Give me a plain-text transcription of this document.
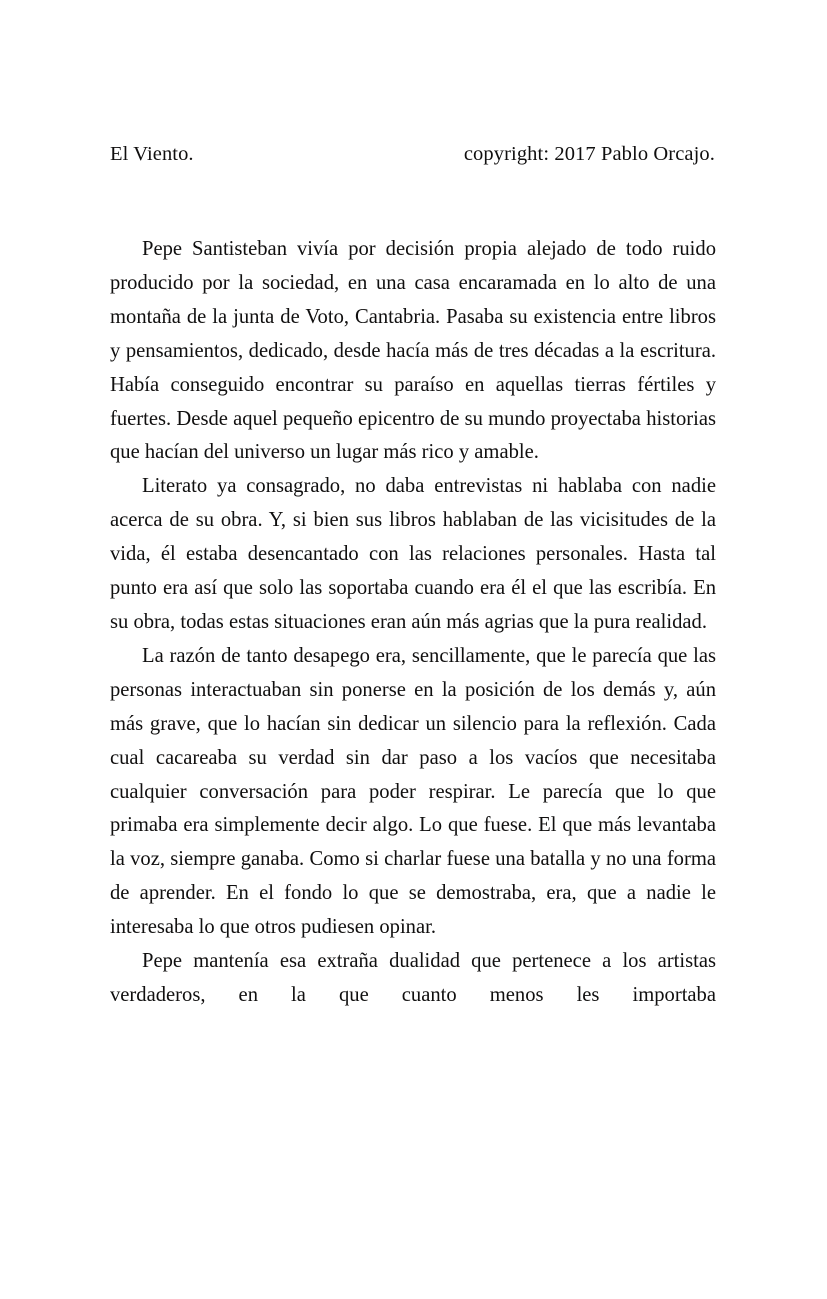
El Viento.	copyright: 2017 Pablo Orcajo.

Pepe Santisteban vivía por decisión propia alejado de todo ruido producido por la sociedad, en una casa encaramada en lo alto de una montaña de la junta de Voto, Cantabria. Pasaba su existencia entre libros y pensamientos, dedicado, desde hacía más de tres décadas a la escritura. Había conseguido encontrar su paraíso en aquellas tierras fértiles y fuertes. Desde aquel pequeño epicentro de su mundo proyectaba historias que hacían del universo un lugar más rico y amable.

Literato ya consagrado, no daba entrevistas ni hablaba con nadie acerca de su obra. Y, si bien sus libros hablaban de las vicisitudes de la vida, él estaba desencantado con las relaciones personales. Hasta tal punto era así que solo las soportaba cuando era él el que las escribía. En su obra, todas estas situaciones eran aún más agrias que la pura realidad.

La razón de tanto desapego era, sencillamente, que le parecía que las personas interactuaban sin ponerse en la posición de los demás y, aún más grave, que lo hacían sin dedicar un silencio para la reflexión. Cada cual cacareaba su verdad sin dar paso a los vacíos que necesitaba cualquier conversación para poder respirar. Le parecía que lo que primaba era simplemente decir algo. Lo que fuese. El que más levantaba la voz, siempre ganaba. Como si charlar fuese una batalla y no una forma de aprender. En el fondo lo que se demostraba, era, que a nadie le interesaba lo que otros pudiesen opinar.

Pepe mantenía esa extraña dualidad que pertenece a los artistas verdaderos, en la que cuanto menos les importaba
